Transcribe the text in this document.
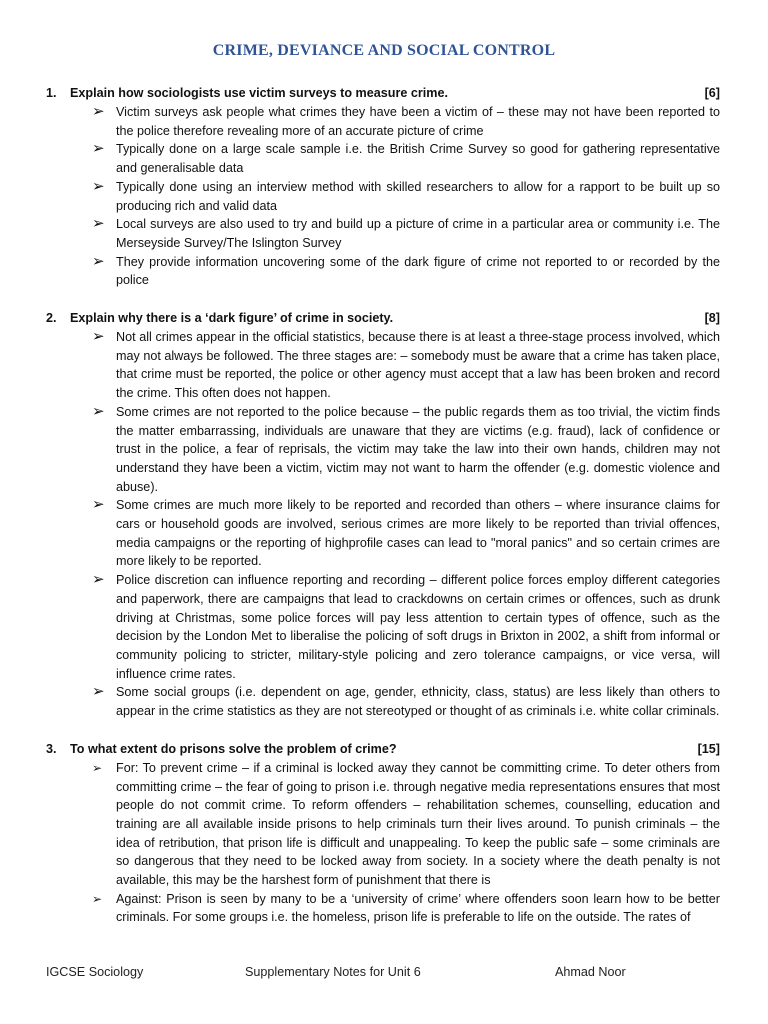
CRIME, DEVIANCE AND SOCIAL CONTROL
1.	Explain how sociologists use victim surveys to measure crime.	[6]
➢ Victim surveys ask people what crimes they have been a victim of – these may not have been reported to the police therefore revealing more of an accurate picture of crime
➢ Typically done on a large scale sample i.e. the British Crime Survey so good for gathering representative and generalisable data
➢ Typically done using an interview method with skilled researchers to allow for a rapport to be built up so producing rich and valid data
➢ Local surveys are also used to try and build up a picture of crime in a particular area or community i.e. The Merseyside Survey/The Islington Survey
➢ They provide information uncovering some of the dark figure of crime not reported to or recorded by the police
2.	Explain why there is a ‘dark figure’ of crime in society.	[8]
➢ Not all crimes appear in the official statistics, because there is at least a three-stage process involved, which may not always be followed. The three stages are: – somebody must be aware that a crime has taken place, that crime must be reported, the police or other agency must accept that a law has been broken and record the crime. This often does not happen.
➢ Some crimes are not reported to the police because – the public regards them as too trivial, the victim finds the matter embarrassing, individuals are unaware that they are victims (e.g. fraud), lack of confidence or trust in the police, a fear of reprisals, the victim may take the law into their own hands, children may not understand they have been a victim, victim may not want to harm the offender (e.g. domestic violence and abuse).
➢ Some crimes are much more likely to be reported and recorded than others – where insurance claims for cars or household goods are involved, serious crimes are more likely to be reported than trivial offences, media campaigns or the reporting of highprofile cases can lead to "moral panics" and so certain crimes are more likely to be reported.
➢ Police discretion can influence reporting and recording – different police forces employ different categories and paperwork, there are campaigns that lead to crackdowns on certain crimes or offences, such as drunk driving at Christmas, some police forces will pay less attention to certain types of offence, such as the decision by the London Met to liberalise the policing of soft drugs in Brixton in 2002, a shift from informal or community policing to stricter, military-style policing and zero tolerance campaigns, or vice versa, will influence crime rates.
➢ Some social groups (i.e. dependent on age, gender, ethnicity, class, status) are less likely than others to appear in the crime statistics as they are not stereotyped or thought of as criminals i.e. white collar criminals.
3.	To what extent do prisons solve the problem of crime?	[15]
➢ For: To prevent crime – if a criminal is locked away they cannot be committing crime. To deter others from committing crime – the fear of going to prison i.e. through negative media representations ensures that most people do not commit crime. To reform offenders – rehabilitation schemes, counselling, education and training are all available inside prisons to help criminals turn their lives around. To punish criminals – the idea of retribution, that prison life is difficult and unappealing. To keep the public safe – some criminals are so dangerous that they need to be locked away from society. In a society where the death penalty is not available, this may be the harshest form of punishment that there is
➢ Against: Prison is seen by many to be a ‘university of crime’ where offenders soon learn how to be better criminals. For some groups i.e. the homeless, prison life is preferable to life on the outside. The rates of
IGCSE Sociology	Supplementary Notes for Unit 6	Ahmad Noor
